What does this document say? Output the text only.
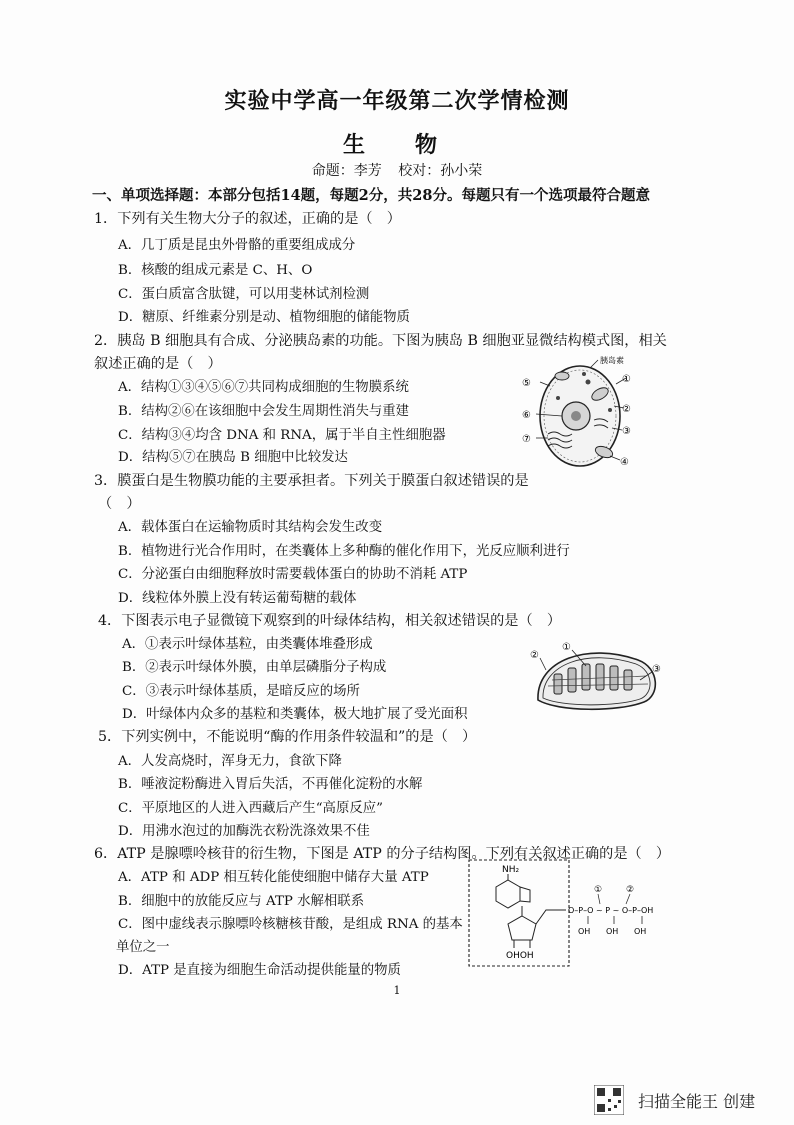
实验中学高一年级第二次学情检测
生　物
命题：李芳 校对：孙小荣
一、单项选择题：本部分包括14题，每题2分，共28分。每题只有一个选项最符合题意
1．下列有关生物大分子的叙述，正确的是（　）
A．几丁质是昆虫外骨骼的重要组成成分
B．核酸的组成元素是 C、H、O
C．蛋白质富含肽键，可以用斐林试剂检测
D．糖原、纤维素分别是动、植物细胞的储能物质
2．胰岛 B 细胞具有合成、分泌胰岛素的功能。下图为胰岛 B 细胞亚显微结构模式图，相关
叙述正确的是（　）
A．结构①③④⑤⑥⑦共同构成细胞的生物膜系统
B．结构②⑥在该细胞中会发生周期性消失与重建
C．结构③④均含 DNA 和 RNA，属于半自主性细胞器
D．结构⑤⑦在胰岛 B 细胞中比较发达
胰岛素
①
②
③
④
⑤
⑥
⑦
3．膜蛋白是生物膜功能的主要承担者。下列关于膜蛋白叙述错误的是
（　）
A．载体蛋白在运输物质时其结构会发生改变
B．植物进行光合作用时，在类囊体上多种酶的催化作用下，光反应顺利进行
C．分泌蛋白由细胞释放时需要载体蛋白的协助不消耗 ATP
D．线粒体外膜上没有转运葡萄糖的载体
4．下图表示电子显微镜下观察到的叶绿体结构，相关叙述错误的是（　）
A．①表示叶绿体基粒，由类囊体堆叠形成
B．②表示叶绿体外膜，由单层磷脂分子构成
C．③表示叶绿体基质，是暗反应的场所
D．叶绿体内众多的基粒和类囊体，极大地扩展了受光面积
①
②
③
5．下列实例中，不能说明“酶的作用条件较温和”的是（　）
A．人发高烧时，浑身无力，食欲下降
B．唾液淀粉酶进入胃后失活，不再催化淀粉的水解
C．平原地区的人进入西藏后产生“高原反应”
D．用沸水泡过的加酶洗衣粉洗涤效果不佳
6．ATP 是腺嘌呤核苷的衍生物，下图是 ATP 的分子结构图。下列有关叙述正确的是（　）
A．ATP 和 ADP 相互转化能使细胞中储存大量 ATP
B．细胞中的放能反应与 ATP 水解相联系
C．图中虚线表示腺嘌呤核糖核苷酸，是组成 RNA 的基本
单位之一
D．ATP 是直接为细胞生命活动提供能量的物质
NH₂
OHOH
O–P–O ~ P ~ O–P–OH
OH OH OH
①	②
1
扫描全能王 创建
